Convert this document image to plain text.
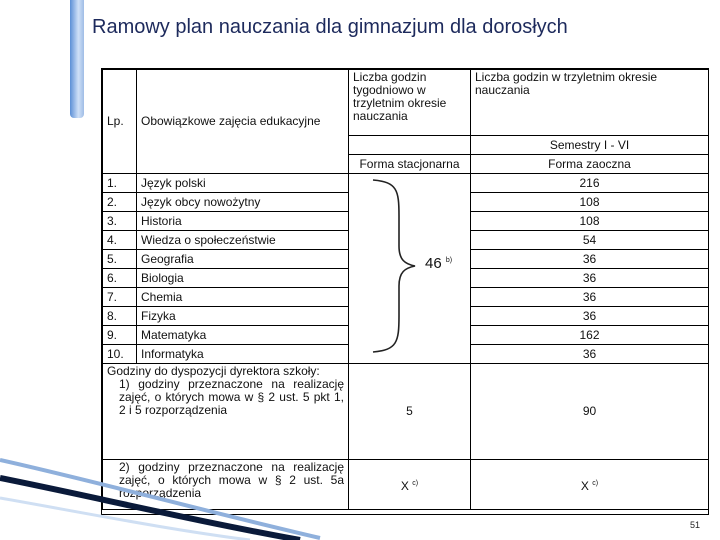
Ramowy plan nauczania dla gimnazjum dla dorosłych
Lp.	Obowiązkowe zajęcia edukacyjne	Liczba godzin tygodniowo w trzyletnim okresie nauczania	Liczba godzin w trzyletnim okresie nauczania
			Semestry I - VI
		Forma stacjonarna	Forma zaoczna
1.	Język polski	46 $^{b)}$	216
2.	Język obcy nowożytny		108
3.	Historia		108
4.	Wiedza o społeczeństwie		54
5.	Geografia		36
6.	Biologia		36
7.	Chemia		36
8.	Fizyka		36
9.	Matematyka		162
10.	Informatyka		36

Godziny do dyspozycji dyrektora szkoły:
1) godziny przeznaczone na realizację zajęć, o których mowa w § 2 ust. 5 pkt 1, 2 i 5 rozporządzenia		5	90
2) godziny przeznaczone na realizację zajęć, o których mowa w § 2 ust. 5a rozporządzenia		X $^{c)}$	X $^{c)}$
51
